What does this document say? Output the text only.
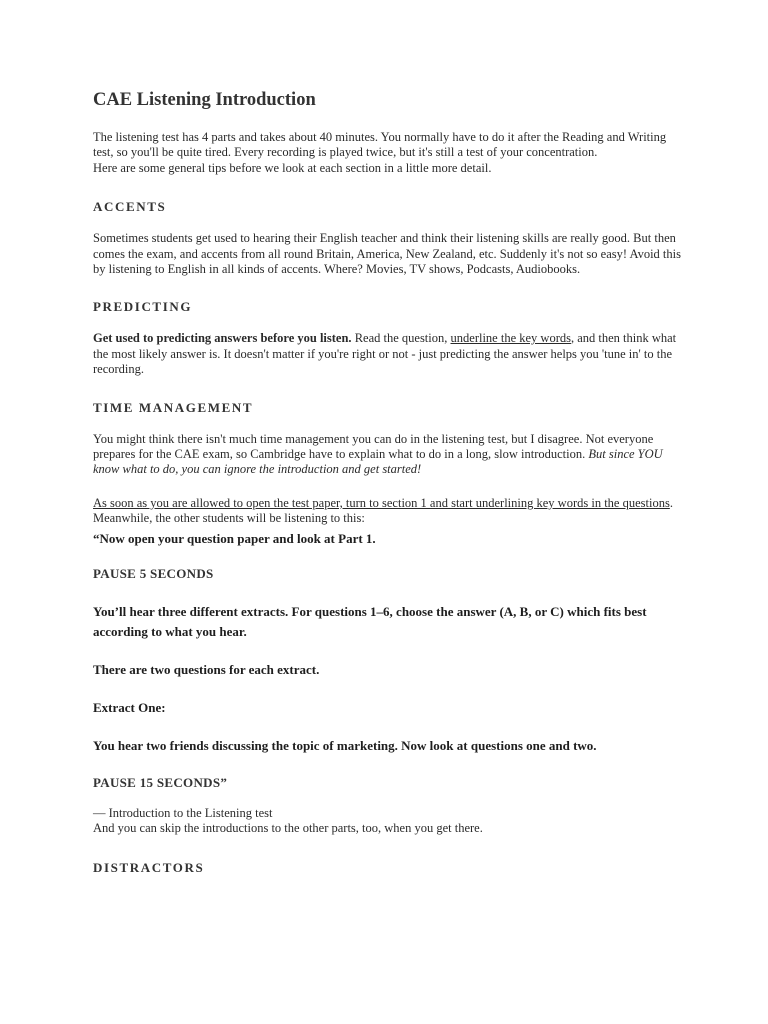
CAE Listening Introduction

The listening test has 4 parts and takes about 40 minutes. You normally have to do it after the Reading and Writing test, so you'll be quite tired. Every recording is played twice, but it's still a test of your concentration.

Here are some general tips before we look at each section in a little more detail.

ACCENTS

Sometimes students get used to hearing their English teacher and think their listening skills are really good. But then comes the exam, and accents from all round Britain, America, New Zealand, etc. Suddenly it's not so easy! Avoid this by listening to English in all kinds of accents. Where? Movies, TV shows, Podcasts, Audiobooks.

PREDICTING

Get used to predicting answers before you listen. Read the question, underline the key words, and then think what the most likely answer is. It doesn't matter if you're right or not - just predicting the answer helps you 'tune in' to the recording.

TIME MANAGEMENT

You might think there isn't much time management you can do in the listening test, but I disagree. Not everyone prepares for the CAE exam, so Cambridge have to explain what to do in a long, slow introduction. But since YOU know what to do, you can ignore the introduction and get started!

As soon as you are allowed to open the test paper, turn to section 1 and start underlining key words in the questions. Meanwhile, the other students will be listening to this:

“Now open your question paper and look at Part 1.

PAUSE 5 SECONDS

You’ll hear three different extracts. For questions 1–6, choose the answer (A, B, or C) which fits best according to what you hear.

There are two questions for each extract.

Extract One:

You hear two friends discussing the topic of marketing. Now look at questions one and two.

PAUSE 15 SECONDS”

— Introduction to the Listening test

And you can skip the introductions to the other parts, too, when you get there.

DISTRACTORS
